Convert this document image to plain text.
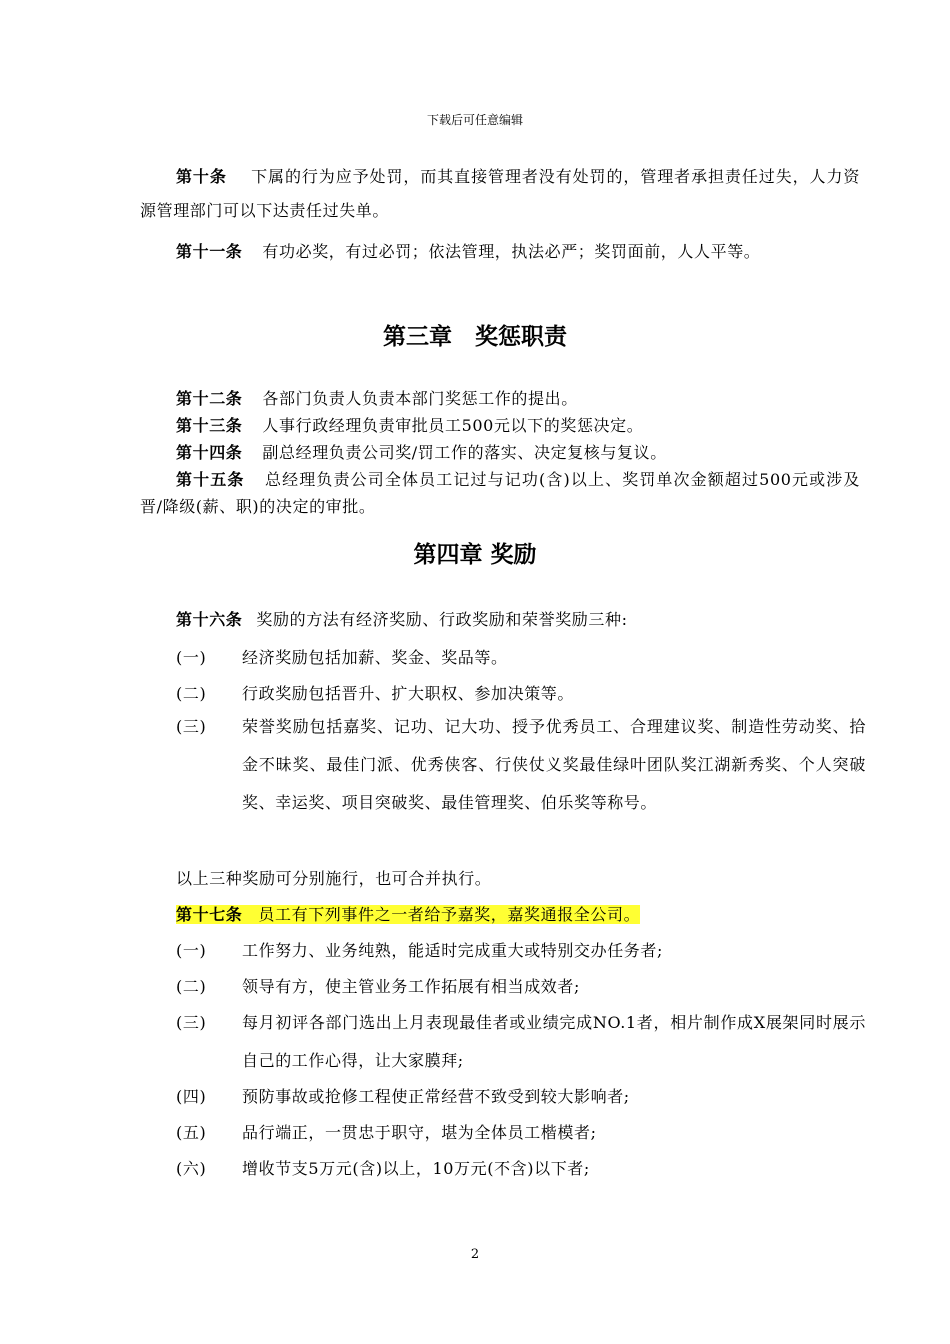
下载后可任意编辑
第十条 下属的行为应予处罚，而其直接管理者没有处罚的，管理者承担责任过失，人力资源管理部门可以下达责任过失单。
第十一条 有功必奖，有过必罚；依法管理，执法必严；奖罚面前，人人平等。
第三章　奖惩职责
第十二条 各部门负责人负责本部门奖惩工作的提出。
第十三条 人事行政经理负责审批员工500元以下的奖惩决定。
第十四条 副总经理负责公司奖/罚工作的落实、决定复核与复议。
第十五条 总经理负责公司全体员工记过与记功(含)以上、奖罚单次金额超过500元或涉及晋/降级(薪、职)的决定的审批。
第四章 奖励
第十六条 奖励的方法有经济奖励、行政奖励和荣誉奖励三种:
(一)	经济奖励包括加薪、奖金、奖品等。
(二)	行政奖励包括晋升、扩大职权、参加决策等。
(三)	荣誉奖励包括嘉奖、记功、记大功、授予优秀员工、合理建议奖、制造性劳动奖、拾金不昧奖、最佳门派、优秀侠客、行侠仗义奖最佳绿叶团队奖江湖新秀奖、个人突破奖、幸运奖、项目突破奖、最佳管理奖、伯乐奖等称号。
以上三种奖励可分别施行，也可合并执行。
第十七条 员工有下列事件之一者给予嘉奖，嘉奖通报全公司。
(一)	工作努力、业务纯熟，能适时完成重大或特别交办任务者;
(二)	领导有方，使主管业务工作拓展有相当成效者;
(三)	每月初评各部门选出上月表现最佳者或业绩完成NO.1者，相片制作成X展架同时展示自己的工作心得，让大家膜拜;
(四)	预防事故或抢修工程使正常经营不致受到较大影响者;
(五)	品行端正，一贯忠于职守，堪为全体员工楷模者;
(六)	增收节支5万元(含)以上，10万元(不含)以下者;
2
